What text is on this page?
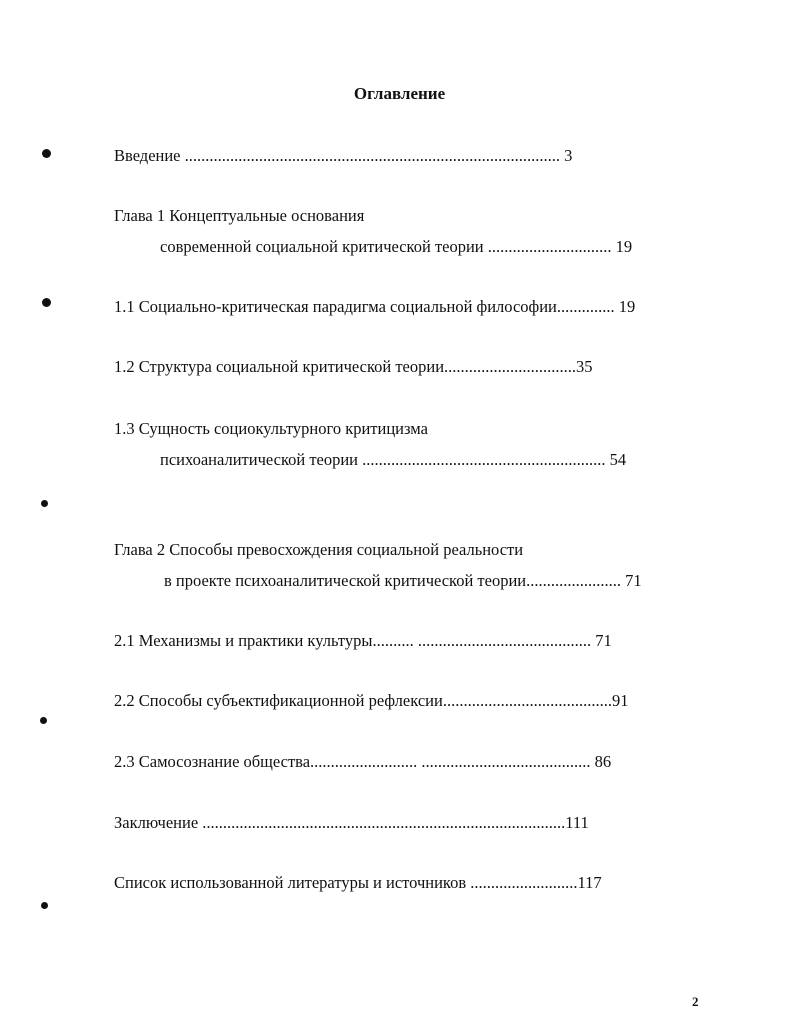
Оглавление
Введение ........................................................................................... 3
Глава 1 Концептуальные основания
современной социальной критической теории .............................. 19
1.1 Социально-критическая парадигма социальной философии.............. 19
1.2 Структура социальной критической теории................................35
1.3 Сущность социокультурного критицизма
психоаналитической теории ........................................................... 54
Глава 2 Способы превосхождения социальной реальности
в проекте психоаналитической критической теории....................... 71
2.1 Механизмы и практики культуры.......... .......................................... 71
2.2 Способы субъектификационной рефлексии.........................................91
2.3 Самосознание общества.......................... ......................................... 86
Заключение ........................................................................................111
Список использованной литературы и источников ..........................117
2
